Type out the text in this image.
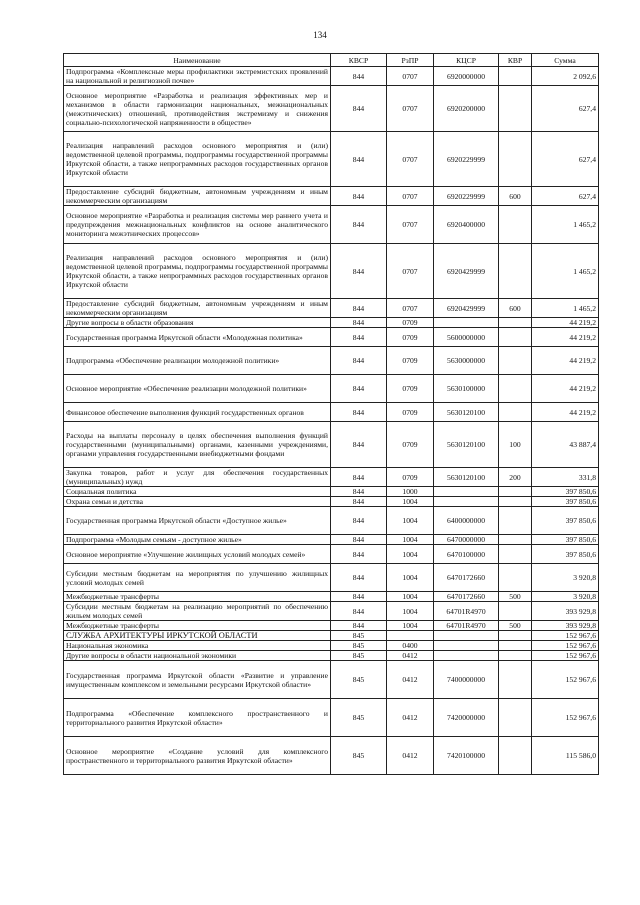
134
Наименование	КВСР	РзПР	КЦСР	КВР	Сумма
Подпрограмма «Комплексные меры профилактики экстремистских проявлений на национальной и религиозной почве»	844	0707	6920000000		2 092,6
Основное мероприятие «Разработка и реализация эффективных мер и механизмов в области гармонизации национальных, межнациональных (межэтнических) отношений, противодействия экстремизму и снижения социально-психологической напряженности в обществе»	844	0707	6920200000		627,4
Реализация направлений расходов основного мероприятия и (или) ведомственной целевой программы, подпрограммы государственной программы Иркутской области, а также непрограммных расходов государственных органов Иркутской области	844	0707	6920229999		627,4
Предоставление субсидий бюджетным, автономным учреждениям и иным некоммерческим организациям	844	0707	6920229999	600	627,4
Основное мероприятие «Разработка и реализация системы мер раннего учета и предупреждения межнациональных конфликтов на основе аналитического мониторинга межэтнических процессов»	844	0707	6920400000		1 465,2
Реализация направлений расходов основного мероприятия и (или) ведомственной целевой программы, подпрограммы государственной программы Иркутской области, а также непрограммных расходов государственных органов Иркутской области	844	0707	6920429999		1 465,2
Предоставление субсидий бюджетным, автономным учреждениям и иным некоммерческим организациям	844	0707	6920429999	600	1 465,2
Другие вопросы в области образования	844	0709			44 219,2
Государственная программа Иркутской области «Молодежная политика»	844	0709	5600000000		44 219,2
Подпрограмма «Обеспечение реализации молодежной политики»	844	0709	5630000000		44 219,2
Основное мероприятие «Обеспечение реализации молодежной политики»	844	0709	5630100000		44 219,2
Финансовое обеспечение выполнения функций государственных органов	844	0709	5630120100		44 219,2
Расходы на выплаты персоналу в целях обеспечения выполнения функций государственными (муниципальными) органами, казенными учреждениями, органами управления государственными внебюджетными фондами	844	0709	5630120100	100	43 887,4
Закупка товаров, работ и услуг для обеспечения государственных (муниципальных) нужд	844	0709	5630120100	200	331,8
Социальная политика	844	1000			397 850,6
Охрана семьи и детства	844	1004			397 850,6
Государственная программа Иркутской области «Доступное жилье»	844	1004	6400000000		397 850,6
Подпрограмма «Молодым семьям - доступное жилье»	844	1004	6470000000		397 850,6
Основное мероприятие «Улучшение жилищных условий молодых семей»	844	1004	6470100000		397 850,6
Субсидии местным бюджетам на мероприятия по улучшению жилищных условий молодых семей	844	1004	6470172660		3 920,8
Межбюджетные трансферты	844	1004	6470172660	500	3 920,8
Субсидии местным бюджетам на реализацию мероприятий по обеспечению жильем молодых семей	844	1004	64701R4970		393 929,8
Межбюджетные трансферты	844	1004	64701R4970	500	393 929,8
СЛУЖБА АРХИТЕКТУРЫ ИРКУТСКОЙ ОБЛАСТИ	845				152 967,6
Национальная экономика	845	0400			152 967,6
Другие вопросы в области национальной экономики	845	0412			152 967,6
Государственная программа Иркутской области «Развитие и управление имущественным комплексом и земельными ресурсами Иркутской области»	845	0412	7400000000		152 967,6
Подпрограмма «Обеспечение комплексного пространственного и территориального развития Иркутской области»	845	0412	7420000000		152 967,6
Основное мероприятие «Создание условий для комплексного пространственного и территориального развития Иркутской области»	845	0412	7420100000		115 586,0
